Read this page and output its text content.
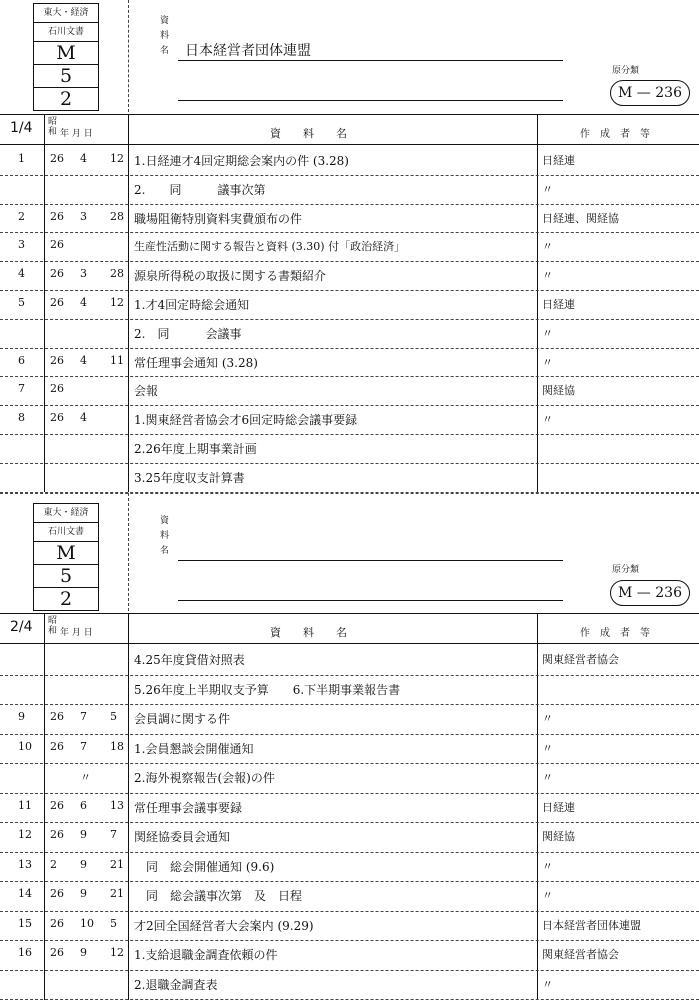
東大・経済
石川文書
M
5
2
資
料
名 日本経営者団体連盟
原分類
M — 236
1/4 昭和 年 月 日	資　　料　　名	作　成　者　等
1 26 4 12 1.日経連才4回定期総会案内の件 (3.28)	日経連
2.　　同　　　議事次第	〃
2 26 3 28 職場阻衛特別資料実費頒布の件	日経連、関経協
3 26	生産性活動に関する報告と資料 (3.30) 付「政治経済」	〃
4 26 3 28 源泉所得税の取扱に関する書類紹介	〃
5 26 4 12 1.才4回定時総会通知	日経連
2.　同　　　会議事	〃
6 26 4 11 常任理事会通知 (3.28)	〃
7 26	会報	関経協
8 26 4	1.関東経営者協会才6回定時総会議事要録	〃
2.26年度上期事業計画
3.25年度収支計算書
東大・経済
石川文書
M
5
2
資
料
名
原分類
M — 236
2/4 昭和 年 月 日	資　　料　　名	作　成　者　等
4.25年度貸借対照表	関東経営者協会
5.26年度上半期収支予算　　6.下半期事業報告書
9 26 7 5 会員調に関する件	〃
10 26 7 18 1.会員懇談会開催通知	〃
〃	2.海外視察報告(会報)の件	〃
11 26 6 13 常任理事会議事要録	日経連
12 26 9 7 関経協委員会通知	関経協
13 2 9 21 　同　総会開催通知 (9.6)	〃
14 26 9 21 　同　総会議事次第　及　日程	〃
15 26 10 5 才2回全国経営者大会案内 (9.29)	日本経営者団体連盟
16 26 9 12 1.支給退職金調査依頼の件	関東経営者協会
2.退職金調査表	〃
